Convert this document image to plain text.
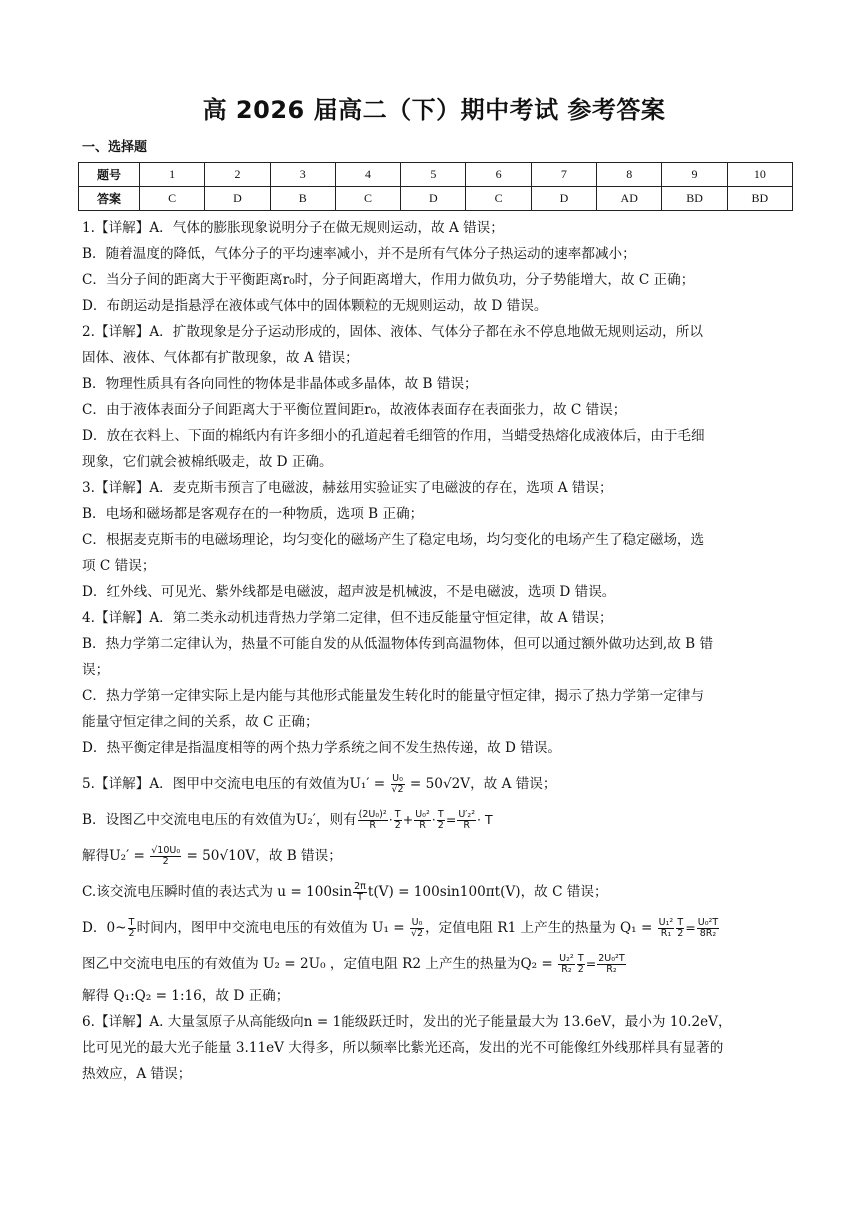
高 2026 届高二（下）期中考试 参考答案
一、选择题
题号	1	2	3	4	5	6	7	8	9	10
答案	C	D	B	C	D	C	D	AD	BD	BD

1.【详解】A．气体的膨胀现象说明分子在做无规则运动，故 A 错误；

B．随着温度的降低，气体分子的平均速率减小，并不是所有气体分子热运动的速率都减小；

C．当分子间的距离大于平衡距离r₀时，分子间距离增大，作用力做负功，分子势能增大，故 C 正确；

D．布朗运动是指悬浮在液体或气体中的固体颗粒的无规则运动，故 D 错误。

2.【详解】A．扩散现象是分子运动形成的，固体、液体、气体分子都在永不停息地做无规则运动，所以

固体、液体、气体都有扩散现象，故 A 错误；

B．物理性质具有各向同性的物体是非晶体或多晶体，故 B 错误；

C．由于液体表面分子间距离大于平衡位置间距r₀，故液体表面存在表面张力，故 C 错误；

D．放在衣料上、下面的棉纸内有许多细小的孔道起着毛细管的作用，当蜡受热熔化成液体后，由于毛细

现象，它们就会被棉纸吸走，故 D 正确。

3.【详解】A．麦克斯韦预言了电磁波，赫兹用实验证实了电磁波的存在，选项 A 错误；

B．电场和磁场都是客观存在的一种物质，选项 B 正确；

C．根据麦克斯韦的电磁场理论，均匀变化的磁场产生了稳定电场，均匀变化的电场产生了稳定磁场，选

项 C 错误；

D．红外线、可见光、紫外线都是电磁波，超声波是机械波，不是电磁波，选项 D 错误。

4.【详解】A．第二类永动机违背热力学第二定律，但不违反能量守恒定律，故 A 错误；

B．热力学第二定律认为，热量不可能自发的从低温物体传到高温物体，但可以通过额外做功达到,故 B 错

误；

C．热力学第一定律实际上是内能与其他形式能量发生转化时的能量守恒定律，揭示了热力学第一定律与

能量守恒定律之间的关系，故 C 正确；

D．热平衡定律是指温度相等的两个热力学系统之间不发生热传递，故 D 错误。

5.【详解】A．图甲中交流电电压的有效值为$U_1' = \frac{\text{U₀}}{√2} = 50√2V$，故 A 错误；

B．设图乙中交流电电压的有效值为U₂′，则有 $\frac{\text{(2U₀)²}}{R} \cdot \frac{T}{2} + \frac{\text{U₀²}}{R} \cdot \frac{T}{2} = \frac{\text{U′₂²}}{R} \cdot T$

解得$U_2' = \frac{\text{√10U₀}}{2} = 50√10V$，故 B 错误；

C.该交流电压瞬时值的表达式为 $u = 100\sin \frac{2\pi}{T} t(V) = 100\sin 100\pi t(V)$，故 C 错误；

D．0~ $\frac{T}{2}$ 时间内，图甲中交流电电压的有效值为 $U_1 = \frac{\text{U₀}}{√2}$ ，定值电阻 R1 上产生的热量为 $Q_1 = \frac{\text{U₁²}}{\text{R₁}} \frac{T}{2} = \frac{\text{U₀²T}}{\text{8R₂}}$

图乙中交流电电压的有效值为 U₂ = 2U₀ ，定值电阻 R2 上产生的热量为$Q_2 = \frac{\text{U₂²}}{\text{R₂}} \frac{T}{2} = \frac{\text{2U₀²T}}{\text{R₂}}$

解得 Q₁:Q₂ = 1:16，故 D 正确；

6.【详解】A. 大量氢原子从高能级向n = 1能级跃迁时，发出的光子能量最大为 13.6eV，最小为 10.2eV，

比可见光的最大光子能量 3.11eV 大得多，所以频率比紫光还高，发出的光不可能像红外线那样具有显著的

热效应，A 错误；
